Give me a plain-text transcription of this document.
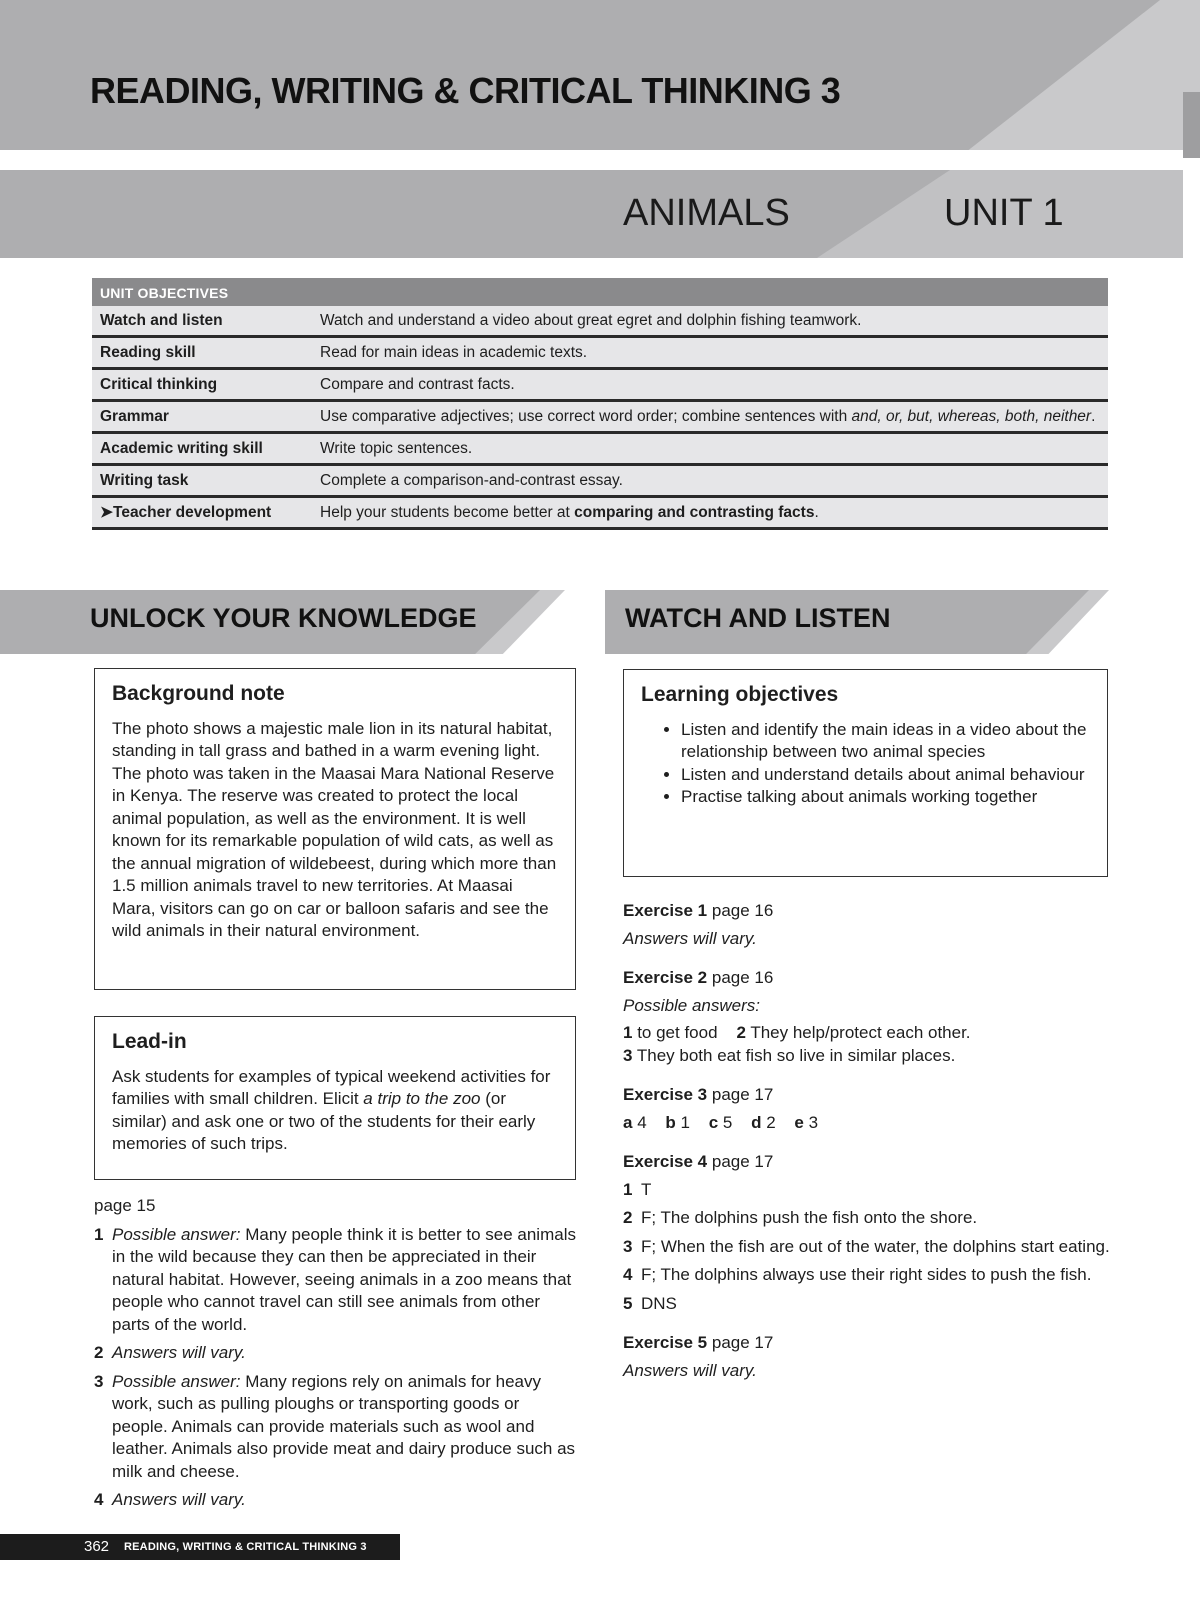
READING, WRITING & CRITICAL THINKING 3
ANIMALS	UNIT 1
UNIT OBJECTIVES	
Watch and listen	Watch and understand a video about great egret and dolphin fishing teamwork.
Reading skill	Read for main ideas in academic texts.
Critical thinking	Compare and contrast facts.
Grammar	Use comparative adjectives; use correct word order; combine sentences with and, or, but, whereas, both, neither.
Academic writing skill	Write topic sentences.
Writing task	Complete a comparison-and-contrast essay.
➤Teacher development	Help your students become better at comparing and contrasting facts.
UNLOCK YOUR KNOWLEDGE	WATCH AND LISTEN
Background note

The photo shows a majestic male lion in its natural habitat, standing in tall grass and bathed in a warm evening light. The photo was taken in the Maasai Mara National Reserve in Kenya. The reserve was created to protect the local animal population, as well as the environment. It is well known for its remarkable population of wild cats, as well as the annual migration of wildebeest, during which more than 1.5 million animals travel to new territories. At Maasai Mara, visitors can go on car or balloon safaris and see the wild animals in their natural environment.

Lead-in

Ask students for examples of typical weekend activities for families with small children. Elicit a trip to the zoo (or similar) and ask one or two of the students for their early memories of such trips.

page 15
1 Possible answer: Many people think it is better to see animals in the wild because they can then be appreciated in their natural habitat. However, seeing animals in a zoo means that people who cannot travel can still see animals from other parts of the world.
2 Answers will vary.
3 Possible answer: Many regions rely on animals for heavy work, such as pulling ploughs or transporting goods or people. Animals can provide materials such as wool and leather. Animals also provide meat and dairy produce such as milk and cheese.
4 Answers will vary.
Learning objectives
• Listen and identify the main ideas in a video about the relationship between two animal species
• Listen and understand details about animal behaviour
• Practise talking about animals working together
Exercise 1 page 16
Answers will vary.
Exercise 2 page 16
Possible answers:
1 to get food 2 They help/protect each other.
3 They both eat fish so live in similar places.
Exercise 3 page 17
a 4 b 1 c 5 d 2 e 3
Exercise 4 page 17
1 T
2 F; The dolphins push the fish onto the shore.
3 F; When the fish are out of the water, the dolphins start eating.
4 F; The dolphins always use their right sides to push the fish.
5 DNS
Exercise 5 page 17
Answers will vary.
362 READING, WRITING & CRITICAL THINKING 3
